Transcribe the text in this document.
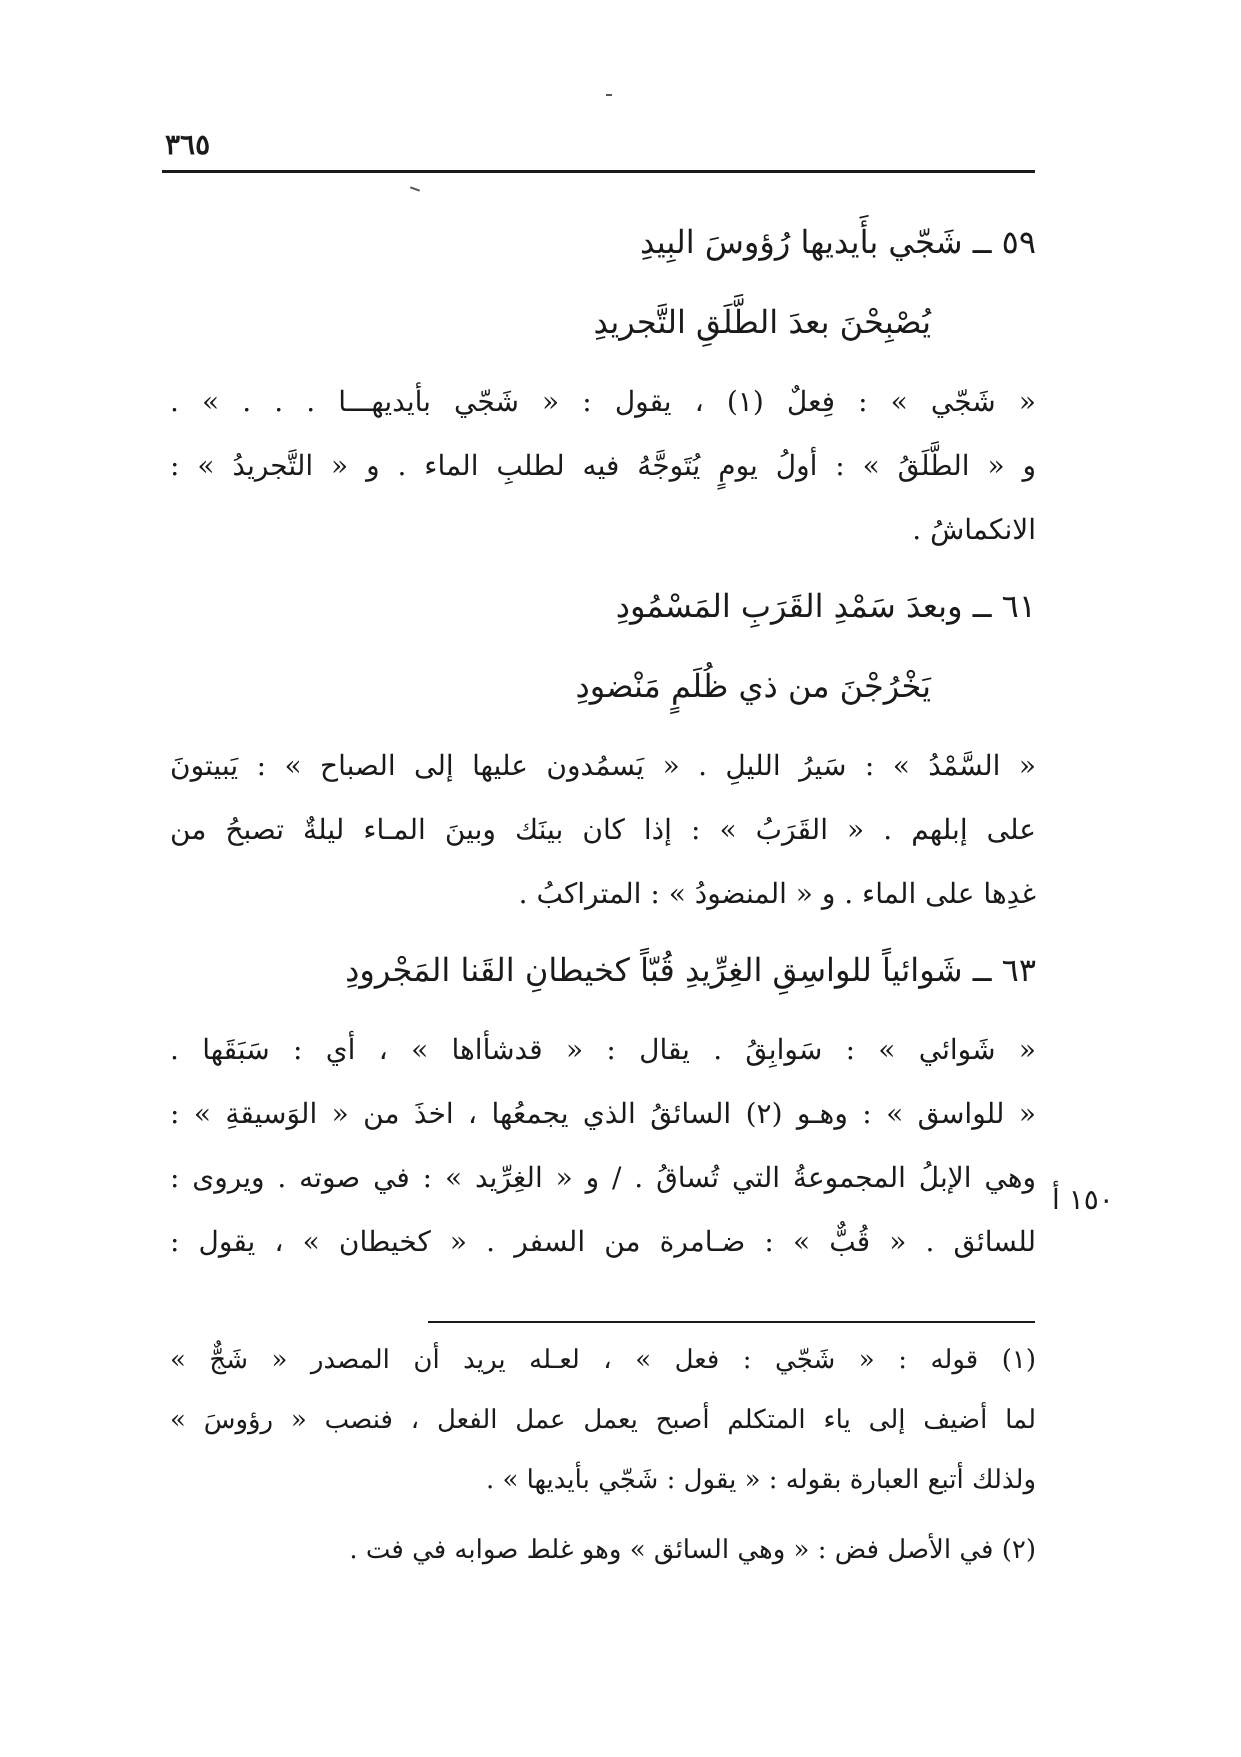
٣٦٥
٥٩ ــ شَجّي بأَيديها رُؤوسَ البِيدِ
يُصْبِحْنَ بعدَ الطَّلَقِ التَّجريدِ
« شَجّي » : فِعلٌ (١) ، يقول : « شَجّي بأيديهـــا . . . » .
و « الطَّلَقُ » : أولُ يومٍ يُتَوجَّهُ فيه لطلبِ الماء . و « التَّجريدُ » :
الانكماشُ .
٦١ ــ وبعدَ سَمْدِ القَرَبِ المَسْمُودِ
يَخْرُجْنَ من ذي ظُلَمٍ مَنْضودِ
« السَّمْدُ » : سَيرُ الليلِ . « يَسمُدون عليها إلى الصباح » : يَبيتونَ
على إبلهم . « القَرَبُ » : إذا كان بينَك وبينَ المـاء ليلةٌ تصبحُ من
غدِها على الماء . و « المنضودُ » : المتراكبُ .
٦٣ ــ شَوائياً للواسِقِ الغِرِّيدِ قُبّاً كخيطانِ القَنا المَجْرودِ
« شَوائي » : سَوابِقُ . يقال : « قدشأاها » ، أي : سَبَقَها .
« للواسق » : وهـو (٢) السائقُ الذي يجمعُها ، اخذَ من « الوَسيقةِ » :
وهي الإبلُ المجموعةُ التي تُساقُ . / و « الغِرِّيد » : في صوته . ويروى :
للسائق . « قُبٌّ » : ضـامرة من السفر . « كخيطان » ، يقول :
١٥٠ أ
(١) قوله : « شَجّي : فعل » ، لعـله يريد أن المصدر « شَجٌّ »
لما أضيف إلى ياء المتكلم أصبح يعمل عمل الفعل ، فنصب « رؤوسَ »
ولذلك أتبع العبارة بقوله : « يقول : شَجّي بأيديها » .
(٢) في الأصل فض : « وهي السائق » وهو غلط صوابه في فت .
